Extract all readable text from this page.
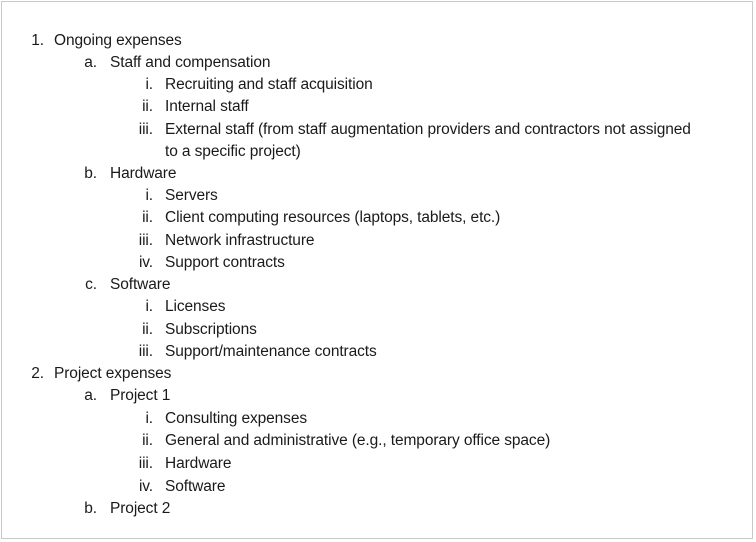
1. Ongoing expenses
a. Staff and compensation
i. Recruiting and staff acquisition
ii. Internal staff
iii. External staff (from staff augmentation providers and contractors not assigned
to a specific project)
b. Hardware
i. Servers
ii. Client computing resources (laptops, tablets, etc.)
iii. Network infrastructure
iv. Support contracts
c. Software
i. Licenses
ii. Subscriptions
iii. Support/maintenance contracts
2. Project expenses
a. Project 1
i. Consulting expenses
ii. General and administrative (e.g., temporary office space)
iii. Hardware
iv. Software
b. Project 2
